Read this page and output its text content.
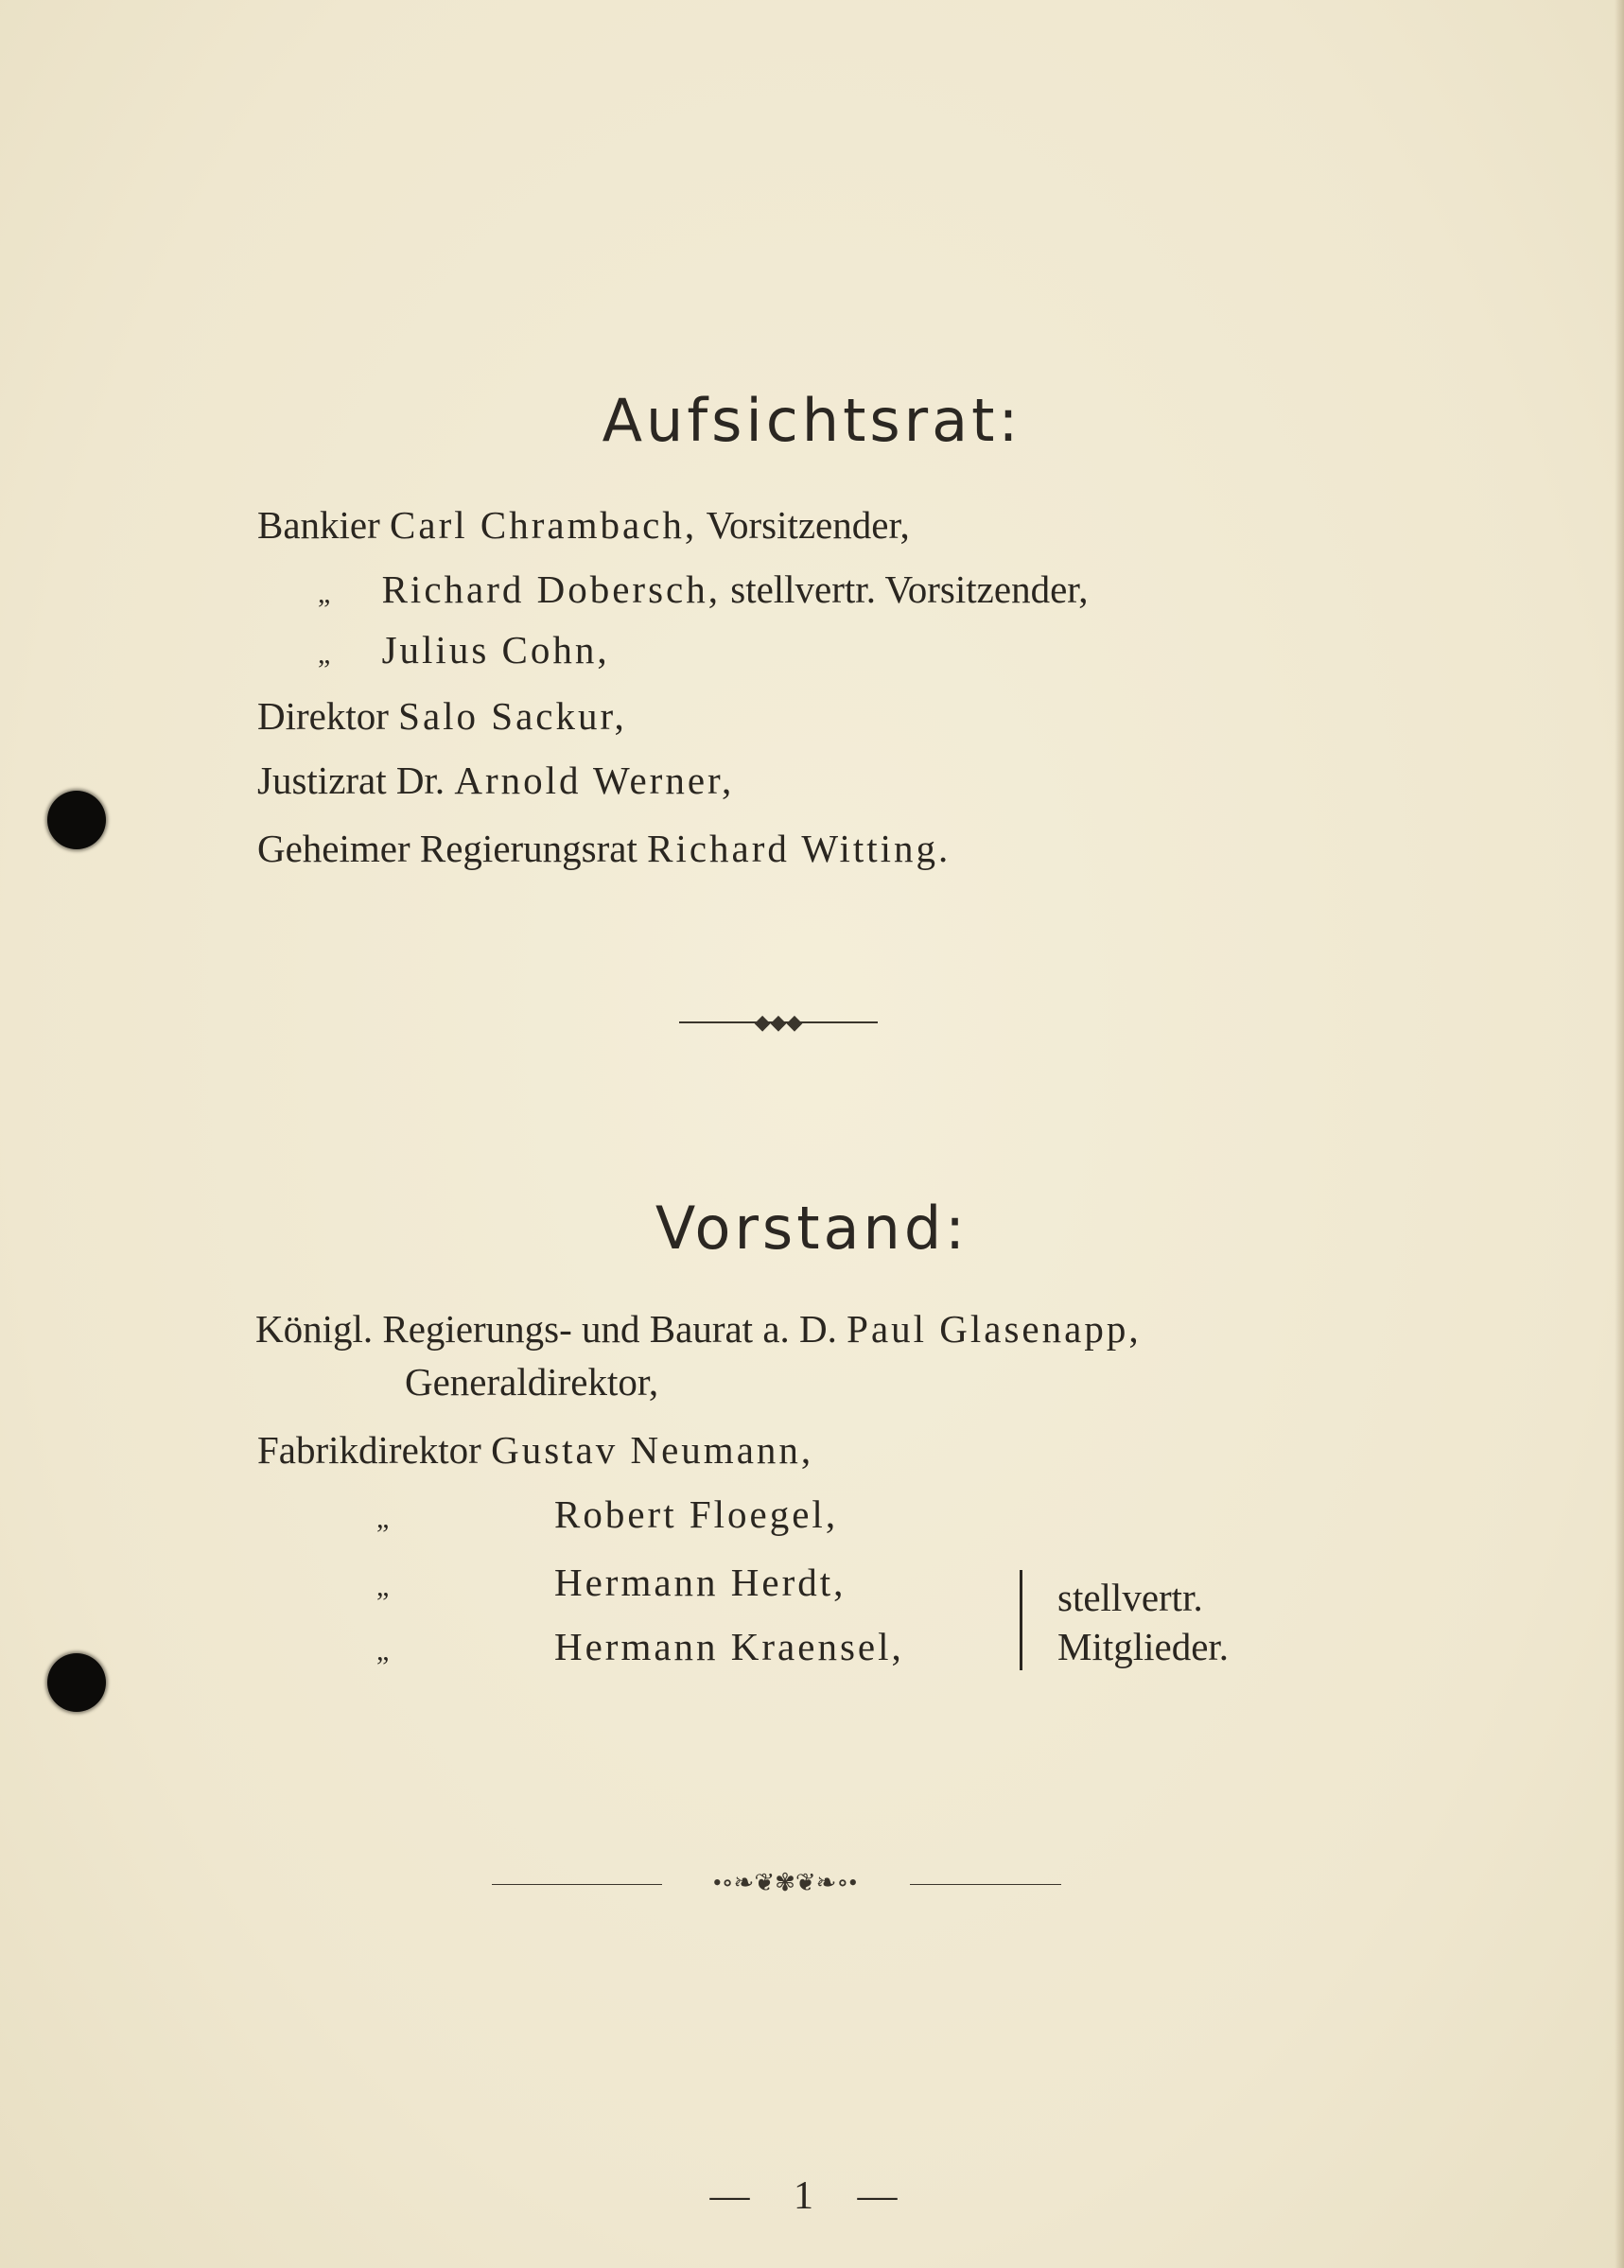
Aufsichtsrat:
Bankier Carl Chrambach, Vorsitzender,
„ Richard Dobersch, stellvertr. Vorsitzender,
„ Julius Cohn,
Direktor Salo Sackur,
Justizrat Dr. Arnold Werner,
Geheimer Regierungsrat Richard Witting.
◆◆◆
Vorstand:
Königl. Regierungs- und Baurat a. D. Paul Glasenapp,
Generaldirektor,
Fabrikdirektor Gustav Neumann,
„	Robert Floegel,
„	Hermann Herdt,
„	Hermann Kraensel,
stellvertr.
Mitglieder.
•∘❧❦✾❦❧∘•
— 1 —
